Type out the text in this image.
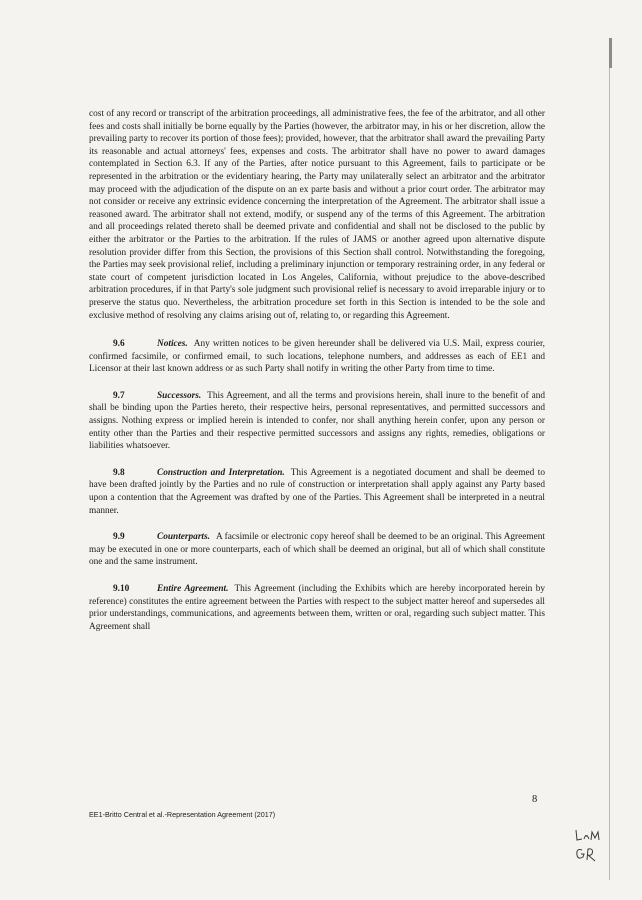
cost of any record or transcript of the arbitration proceedings, all administrative fees, the fee of the arbitrator, and all other fees and costs shall initially be borne equally by the Parties (however, the arbitrator may, in his or her discretion, allow the prevailing party to recover its portion of those fees); provided, however, that the arbitrator shall award the prevailing Party its reasonable and actual attorneys' fees, expenses and costs. The arbitrator shall have no power to award damages contemplated in Section 6.3. If any of the Parties, after notice pursuant to this Agreement, fails to participate or be represented in the arbitration or the evidentiary hearing, the Party may unilaterally select an arbitrator and the arbitrator may proceed with the adjudication of the dispute on an ex parte basis and without a prior court order. The arbitrator may not consider or receive any extrinsic evidence concerning the interpretation of the Agreement. The arbitrator shall issue a reasoned award. The arbitrator shall not extend, modify, or suspend any of the terms of this Agreement. The arbitration and all proceedings related thereto shall be deemed private and confidential and shall not be disclosed to the public by either the arbitrator or the Parties to the arbitration. If the rules of JAMS or another agreed upon alternative dispute resolution provider differ from this Section, the provisions of this Section shall control. Notwithstanding the foregoing, the Parties may seek provisional relief, including a preliminary injunction or temporary restraining order, in any federal or state court of competent jurisdiction located in Los Angeles, California, without prejudice to the above-described arbitration procedures, if in that Party's sole judgment such provisional relief is necessary to avoid irreparable injury or to preserve the status quo. Nevertheless, the arbitration procedure set forth in this Section is intended to be the sole and exclusive method of resolving any claims arising out of, relating to, or regarding this Agreement.

9.6	Notices. Any written notices to be given hereunder shall be delivered via U.S. Mail, express courier, confirmed facsimile, or confirmed email, to such locations, telephone numbers, and addresses as each of EE1 and Licensor at their last known address or as such Party shall notify in writing the other Party from time to time.

9.7	Successors. This Agreement, and all the terms and provisions herein, shall inure to the benefit of and shall be binding upon the Parties hereto, their respective heirs, personal representatives, and permitted successors and assigns. Nothing express or implied herein is intended to confer, nor shall anything herein confer, upon any person or entity other than the Parties and their respective permitted successors and assigns any rights, remedies, obligations or liabilities whatsoever.

9.8	Construction and Interpretation. This Agreement is a negotiated document and shall be deemed to have been drafted jointly by the Parties and no rule of construction or interpretation shall apply against any Party based upon a contention that the Agreement was drafted by one of the Parties. This Agreement shall be interpreted in a neutral manner.

9.9	Counterparts. A facsimile or electronic copy hereof shall be deemed to be an original. This Agreement may be executed in one or more counterparts, each of which shall be deemed an original, but all of which shall constitute one and the same instrument.

9.10	Entire Agreement. This Agreement (including the Exhibits which are hereby incorporated herein by reference) constitutes the entire agreement between the Parties with respect to the subject matter hereof and supersedes all prior understandings, communications, and agreements between them, written or oral, regarding such subject matter. This Agreement shall

8
EE1-Britto Central et al.-Representation Agreement (2017)
